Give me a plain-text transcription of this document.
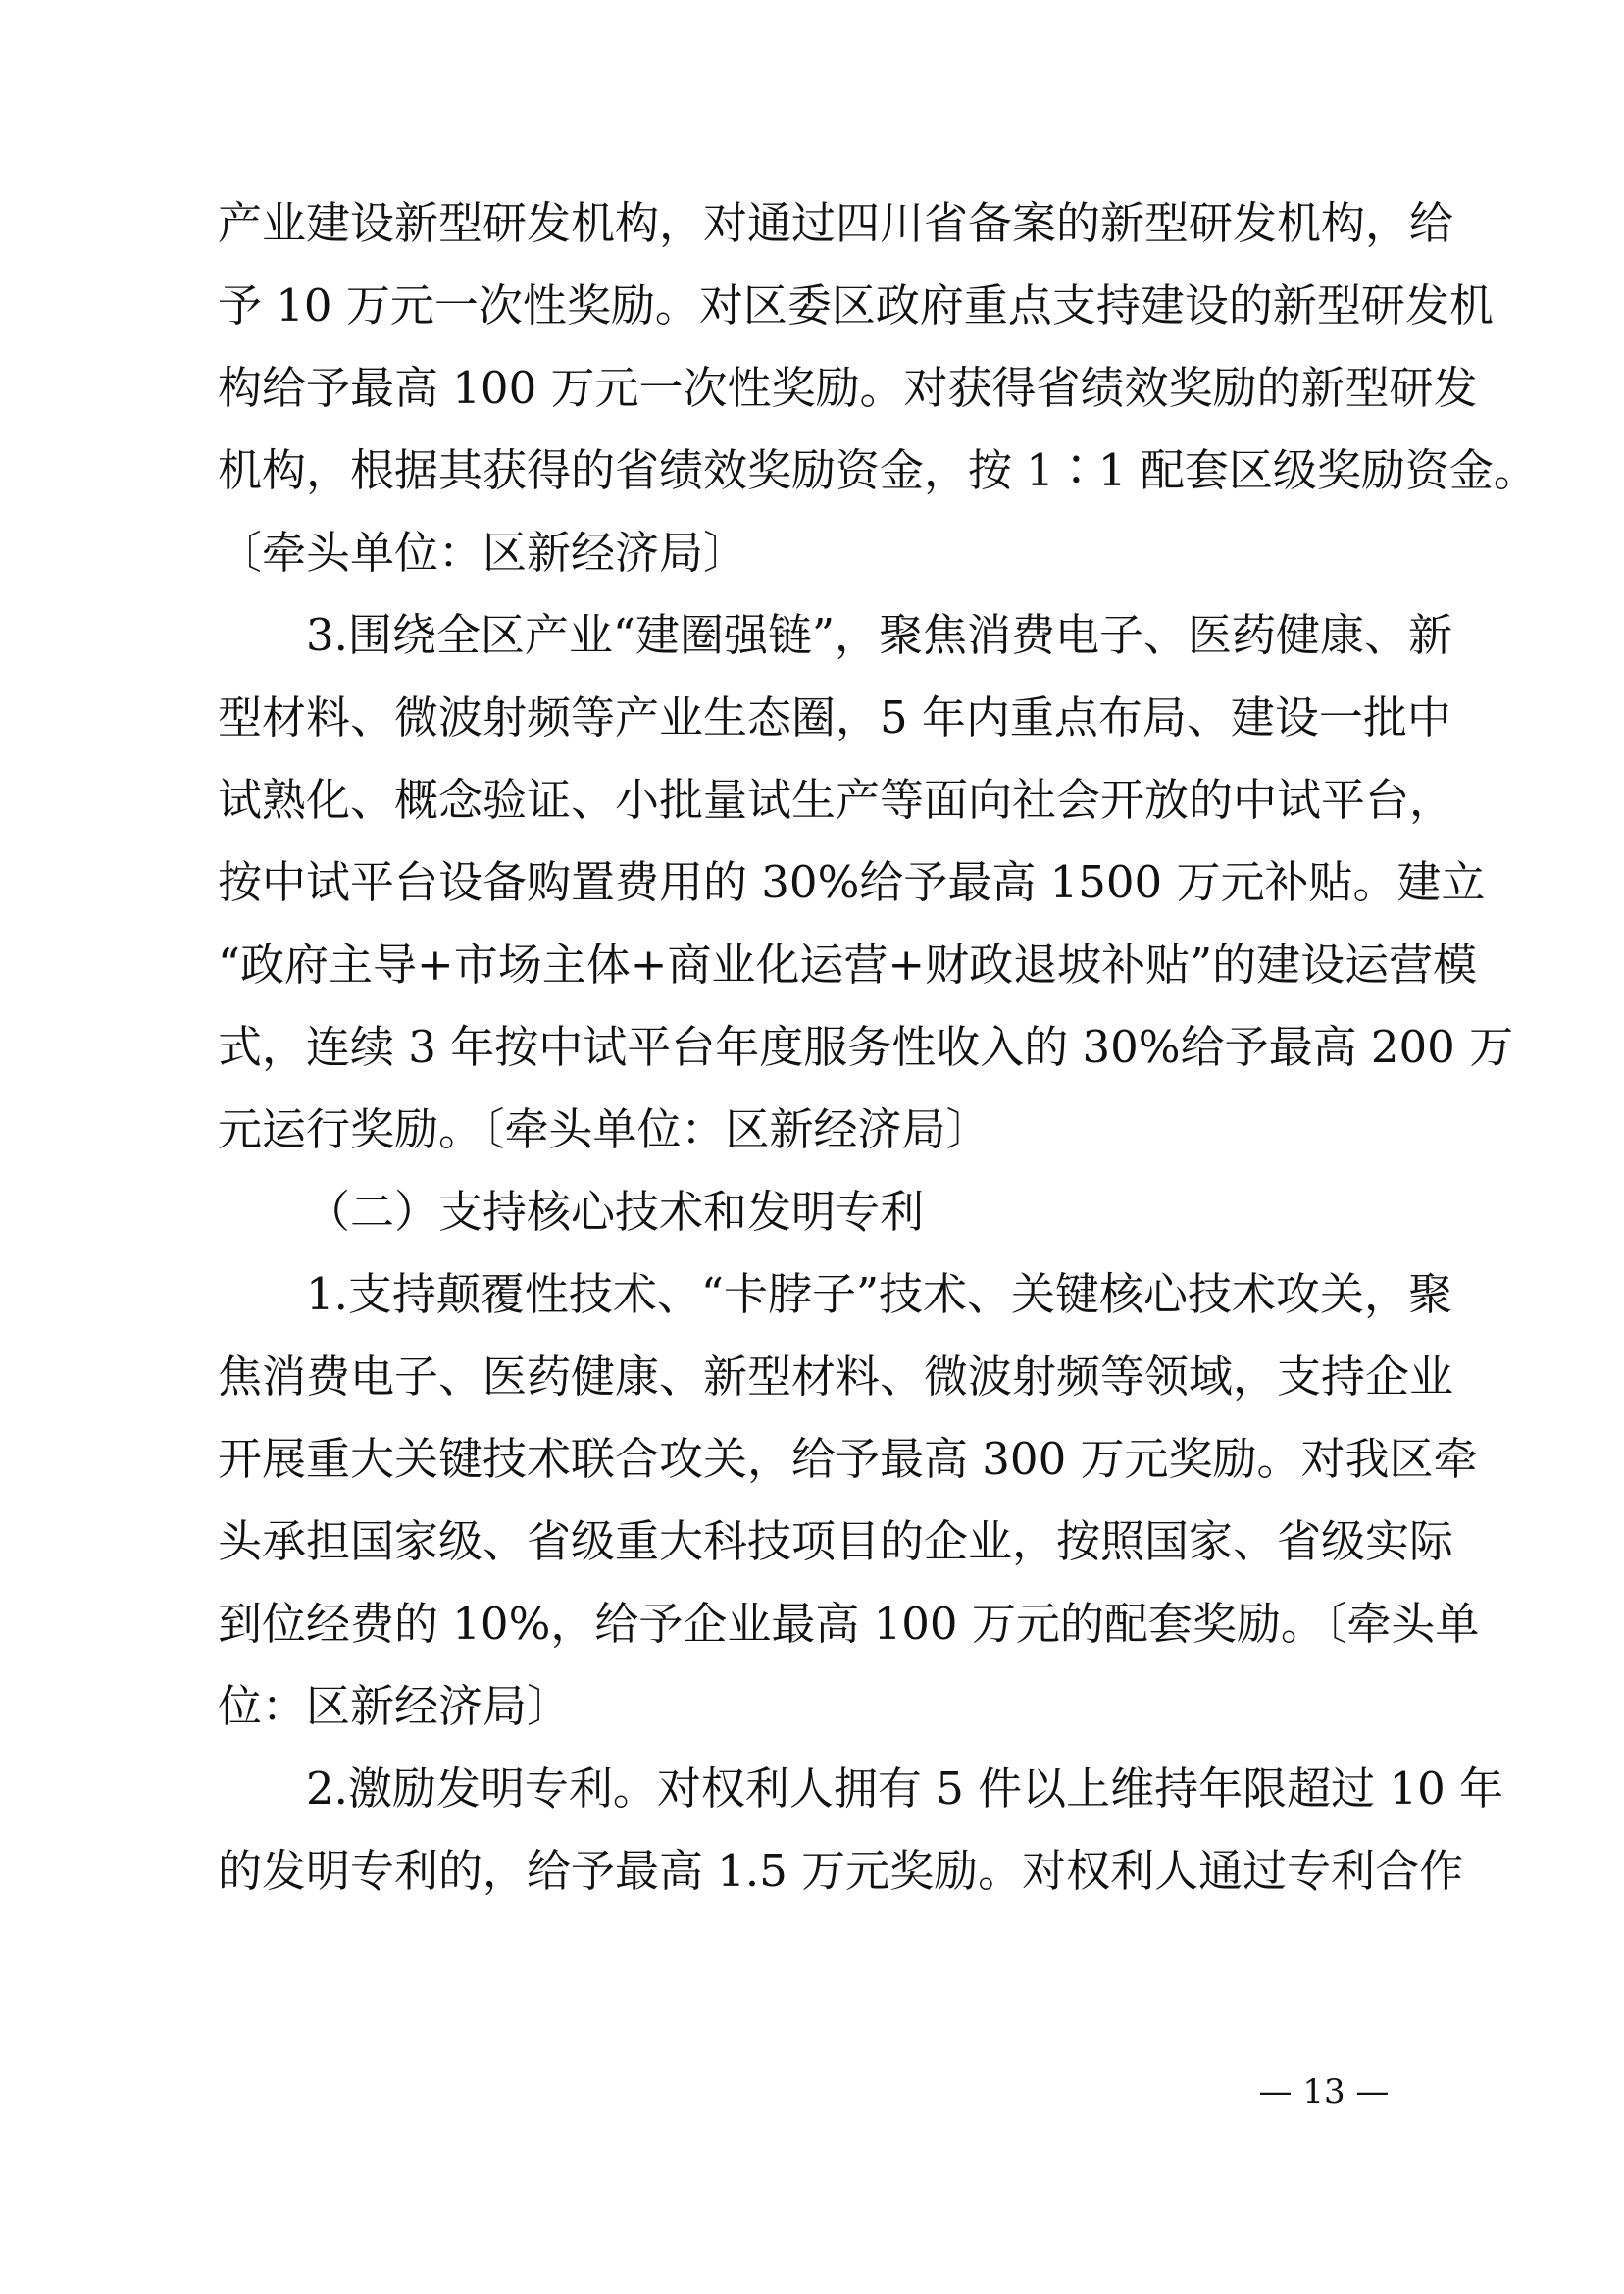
产业建设新型研发机构，对通过四川省备案的新型研发机构，给
予 10 万元一次性奖励。对区委区政府重点支持建设的新型研发机
构给予最高 100 万元一次性奖励。对获得省绩效奖励的新型研发
机构，根据其获得的省绩效奖励资金，按 1∶1 配套区级奖励资金。
〔牵头单位：区新经济局〕
3.围绕全区产业“建圈强链”，聚焦消费电子、医药健康、新
型材料、微波射频等产业生态圈，5 年内重点布局、建设一批中
试熟化、概念验证、小批量试生产等面向社会开放的中试平台，
按中试平台设备购置费用的 30%给予最高 1500 万元补贴。建立
“政府主导+市场主体+商业化运营+财政退坡补贴”的建设运营模
式，连续 3 年按中试平台年度服务性收入的 30%给予最高 200 万
元运行奖励。〔牵头单位：区新经济局〕
（二）支持核心技术和发明专利
1.支持颠覆性技术、“卡脖子”技术、关键核心技术攻关，聚
焦消费电子、医药健康、新型材料、微波射频等领域，支持企业
开展重大关键技术联合攻关，给予最高 300 万元奖励。对我区牵
头承担国家级、省级重大科技项目的企业，按照国家、省级实际
到位经费的 10%，给予企业最高 100 万元的配套奖励。〔牵头单
位：区新经济局〕
2.激励发明专利。对权利人拥有 5 件以上维持年限超过 10 年
的发明专利的，给予最高 1.5 万元奖励。对权利人通过专利合作
— 13 —
